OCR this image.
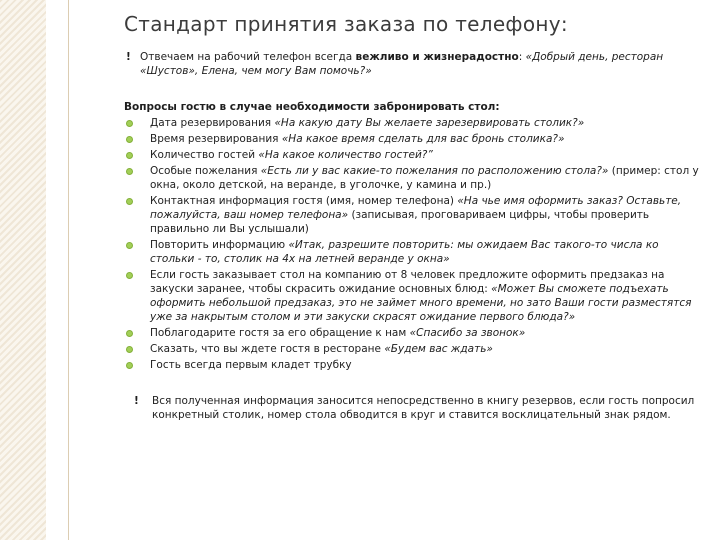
Стандарт принятия заказа по телефону:
! Отвечаем на рабочий телефон всегда вежливо и жизнерадостно: «Добрый день, ресторан «Шустов», Елена, чем могу Вам помочь?»
Вопросы гостю в случае необходимости забронировать стол:
Дата резервирования «На какую дату Вы желаете зарезервировать столик?»
Время резервирования «На какое время сделать для вас бронь столика?»
Количество гостей «На какое количество гостей?”
Особые пожелания «Есть ли у вас какие-то пожелания по расположению стола?» (пример: стол у окна, около детской, на веранде, в уголочке, у камина и пр.)
Контактная информация гостя (имя, номер телефона) «На чье имя оформить заказ? Оставьте, пожалуйста, ваш номер телефона» (записывая, проговариваем цифры, чтобы проверить правильно ли Вы услышали)
Повторить информацию «Итак, разрешите повторить: мы ожидаем Вас такого-то числа ко стольки - то, столик на 4х на летней веранде у окна»
Если гость заказывает стол на компанию от 8 человек предложите оформить предзаказ на закуски заранее, чтобы скрасить ожидание основных блюд: «Может Вы сможете подъехать оформить небольшой предзаказ, это не займет много времени, но зато Ваши гости разместятся уже за накрытым столом и эти закуски скрасят ожидание первого блюда?»
Поблагодарите гостя за его обращение к нам «Спасибо за звонок»
Сказать, что вы ждете гостя в ресторане «Будем вас ждать»
Гость всегда первым кладет трубку
!	Вся полученная информация заносится непосредственно в книгу резервов, если гость попросил конкретный столик, номер стола обводится в круг и ставится восклицательный знак рядом.
